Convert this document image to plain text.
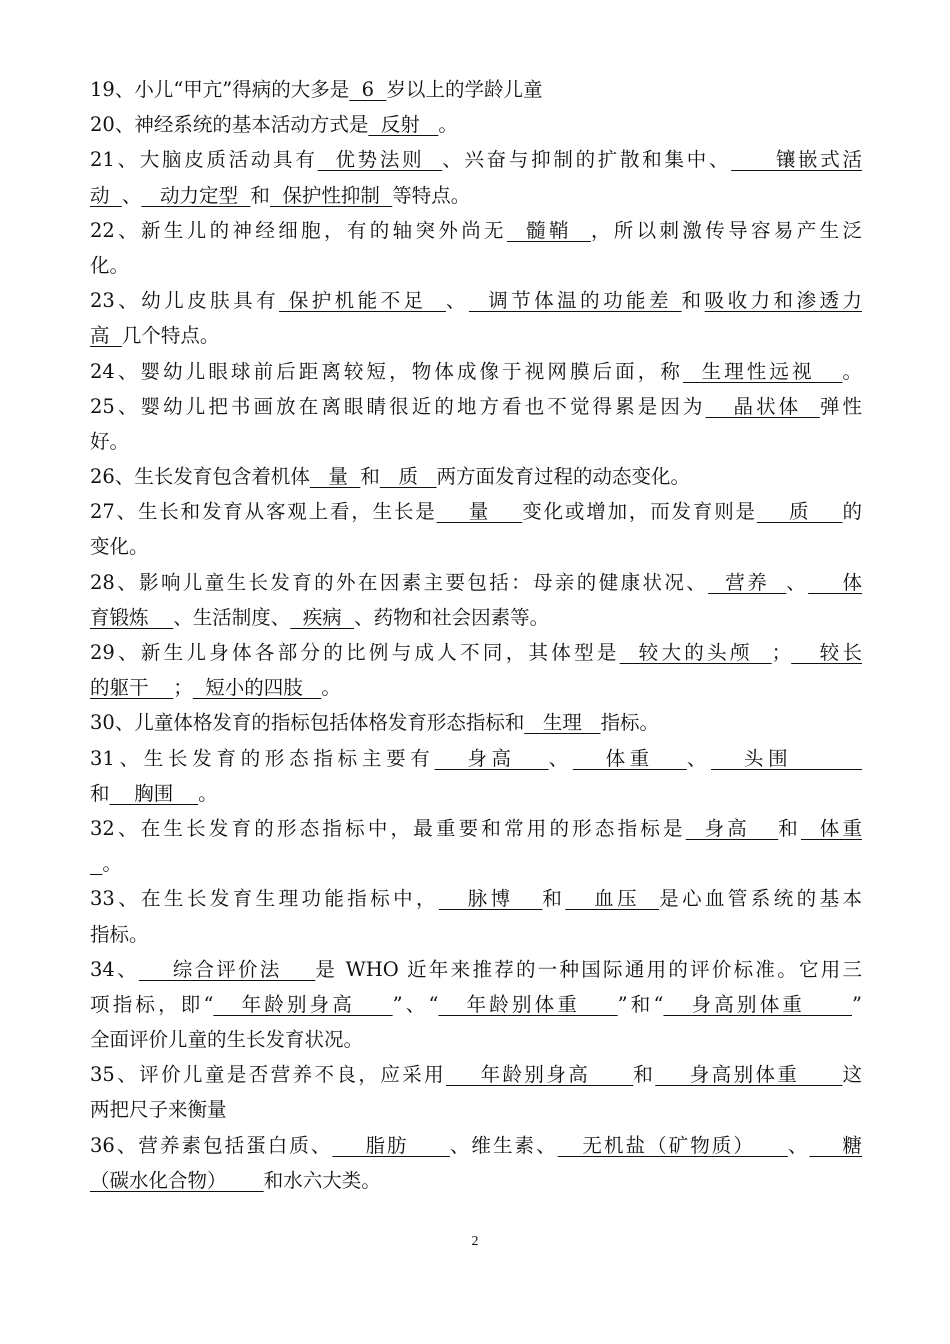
19、小儿“甲亢”得病的大多是  6  岁以上的学龄儿童
20、神经系统的基本活动方式是  反射   。
21、大脑皮质活动具有  优势法则  、兴奋与抑制的扩散和集中、     镶嵌式活
动  、   动力定型  和  保护性抑制  等特点。
22、新生儿的神经细胞，有的轴突外尚无  髓鞘  ，所以刺激传导容易产生泛
化。
23、幼儿皮肤具有 保护机能不足  、  调节体温的功能差 和吸收力和渗透力
高  几个特点。
24、婴幼儿眼球前后距离较短，物体成像于视网膜后面，称  生理性远视   。
25、婴幼儿把书画放在离眼睛很近的地方看也不觉得累是因为   晶状体  弹性
好。
26、生长发育包含着机体   量  和   质   两方面发育过程的动态变化。
27、生长和发育从客观上看，生长是    量    变化或增加，而发育则是    质    的
变化。
28、影响儿童生长发育的外在因素主要包括：母亲的健康状况、  营养  、    体
育锻炼    、生活制度、  疾病  、药物和社会因素等。
29、新生儿身体各部分的比例与成人不同，其体型是  较大的头颅  ；   较长
的躯干    ；  短小的四肢   。
30、儿童体格发育的指标包括体格发育形态指标和   生理   指标。
31、生长发育的形态指标主要有   身高   、   体重   、   头围
和    胸围    。
32、在生长发育的形态指标中，最重要和常用的形态指标是  身高   和  体重
。
33、在生长发育生理功能指标中，   脉博   和   血压  是心血管系统的基本
指标。
34、    综合评价法    是 WHO 近年来推荐的一种国际通用的评价标准。它用三
项指标，即“   年龄别身高    ”、“   年龄别体重    ”和“   身高别体重     ”
全面评价儿童的生长发育状况。
35、评价儿童是否营养不良，应采用    年龄别身高     和    身高别体重     这
两把尺子来衡量
36、营养素包括蛋白质、    脂肪     、维生素、   无机盐（矿物质）    、    糖
（碳水化合物）      和水六大类。
2
